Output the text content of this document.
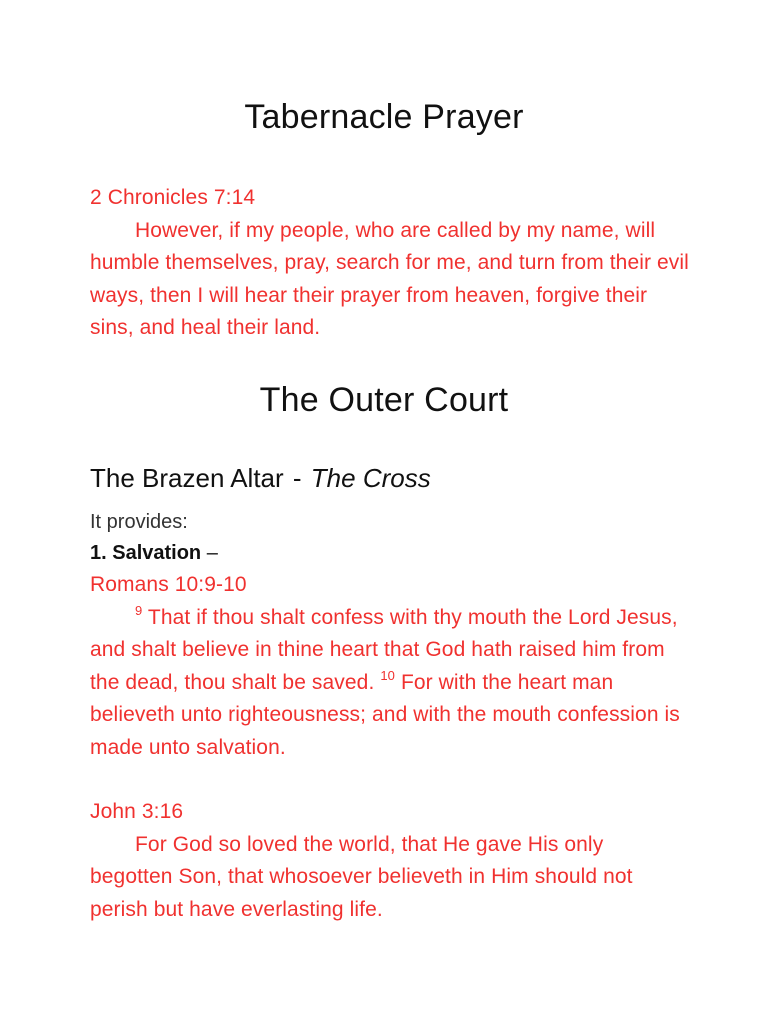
Tabernacle Prayer
2 Chronicles 7:14
However, if my people, who are called by my name, will humble themselves, pray, search for me, and turn from their evil ways, then I will hear their prayer from heaven, forgive their sins, and heal their land.
The Outer Court
The Brazen Altar - The Cross
It provides:
1. Salvation –
Romans 10:9-10
$^9$ That if thou shalt confess with thy mouth the Lord Jesus, and shalt believe in thine heart that God hath raised him from the dead, thou shalt be saved. $^{10}$ For with the heart man believeth unto righteousness; and with the mouth confession is made unto salvation.
John 3:16
For God so loved the world, that He gave His only begotten Son, that whosoever believeth in Him should not perish but have everlasting life.
